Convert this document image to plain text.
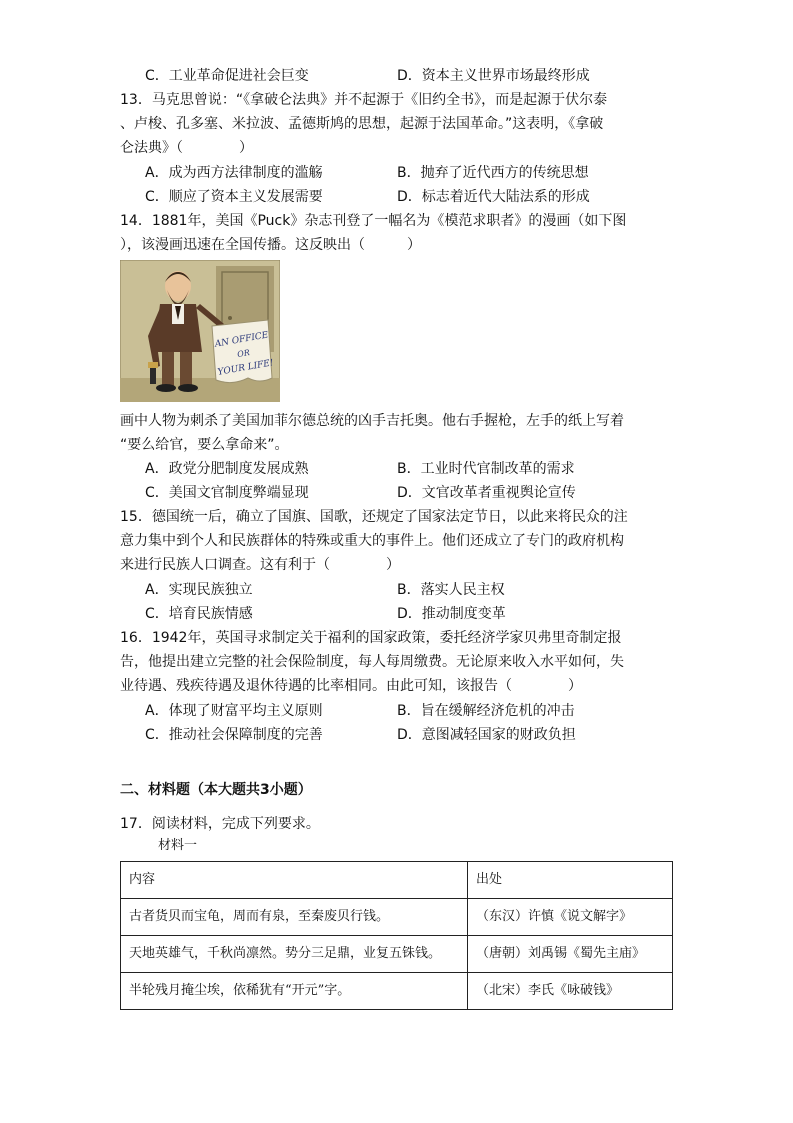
C．工业革命促进社会巨变	D．资本主义世界市场最终形成
13．马克思曾说：“《拿破仑法典》并不起源于《旧约全书》，而是起源于伏尔泰
、卢梭、孔多塞、米拉波、孟德斯鸠的思想，起源于法国革命。”这表明，《拿破
仑法典》（　　　　）
A．成为西方法律制度的滥觞	B．抛弃了近代西方的传统思想
C．顺应了资本主义发展需要	D．标志着近代大陆法系的形成
14．1881年，美国《Puck》杂志刊登了一幅名为《模范求职者》的漫画（如下图
），该漫画迅速在全国传播。这反映出（　　　）
AN OFFICE
OR
YOUR LIFE!
画中人物为刺杀了美国加菲尔德总统的凶手吉托奥。他右手握枪，左手的纸上写着
“要么给官，要么拿命来”。
A．政党分肥制度发展成熟	B．工业时代官制改革的需求
C．美国文官制度弊端显现	D．文官改革者重视舆论宣传
15．德国统一后，确立了国旗、国歌，还规定了国家法定节日，以此来将民众的注
意力集中到个人和民族群体的特殊或重大的事件上。他们还成立了专门的政府机构
来进行民族人口调查。这有利于（　　　　）
A．实现民族独立	B．落实人民主权
C．培育民族情感	D．推动制度变革
16．1942年，英国寻求制定关于福利的国家政策，委托经济学家贝弗里奇制定报
告，他提出建立完整的社会保险制度，每人每周缴费。无论原来收入水平如何，失
业待遇、残疾待遇及退休待遇的比率相同。由此可知，该报告（　　　　）
A．体现了财富平均主义原则	B．旨在缓解经济危机的冲击
C．推动社会保障制度的完善	D．意图减轻国家的财政负担
二、材料题（本大题共3小题）
17．阅读材料，完成下列要求。
材料一
内容	出处
古者货贝而宝龟，周而有泉，至秦废贝行钱。	（东汉）许慎《说文解字》
天地英雄气，千秋尚凛然。势分三足鼎，业复五铢钱。	（唐朝）刘禹锡《蜀先主庙》
半轮残月掩尘埃，依稀犹有“开元”字。	（北宋）李氏《咏破钱》
